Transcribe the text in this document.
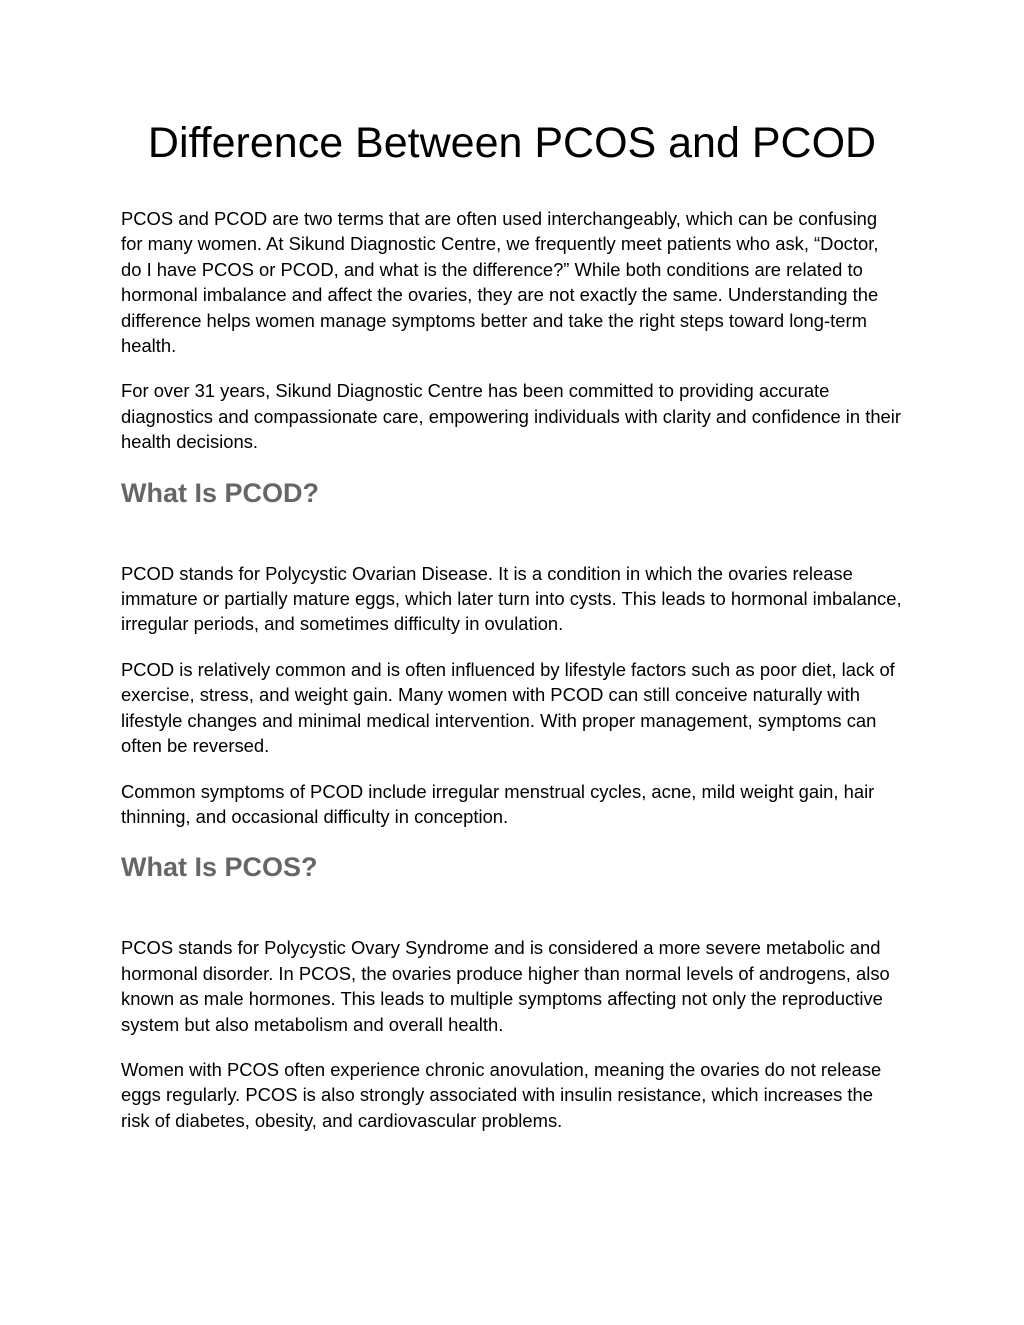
Difference Between PCOS and PCOD

PCOS and PCOD are two terms that are often used interchangeably, which can be confusing for many women. At Sikund Diagnostic Centre, we frequently meet patients who ask, “Doctor, do I have PCOS or PCOD, and what is the difference?” While both conditions are related to hormonal imbalance and affect the ovaries, they are not exactly the same. Understanding the difference helps women manage symptoms better and take the right steps toward long-term health.

For over 31 years, Sikund Diagnostic Centre has been committed to providing accurate diagnostics and compassionate care, empowering individuals with clarity and confidence in their health decisions.

What Is PCOD?

PCOD stands for Polycystic Ovarian Disease. It is a condition in which the ovaries release immature or partially mature eggs, which later turn into cysts. This leads to hormonal imbalance, irregular periods, and sometimes difficulty in ovulation.

PCOD is relatively common and is often influenced by lifestyle factors such as poor diet, lack of exercise, stress, and weight gain. Many women with PCOD can still conceive naturally with lifestyle changes and minimal medical intervention. With proper management, symptoms can often be reversed.

Common symptoms of PCOD include irregular menstrual cycles, acne, mild weight gain, hair thinning, and occasional difficulty in conception.

What Is PCOS?

PCOS stands for Polycystic Ovary Syndrome and is considered a more severe metabolic and hormonal disorder. In PCOS, the ovaries produce higher than normal levels of androgens, also known as male hormones. This leads to multiple symptoms affecting not only the reproductive system but also metabolism and overall health.

Women with PCOS often experience chronic anovulation, meaning the ovaries do not release eggs regularly. PCOS is also strongly associated with insulin resistance, which increases the risk of diabetes, obesity, and cardiovascular problems.
